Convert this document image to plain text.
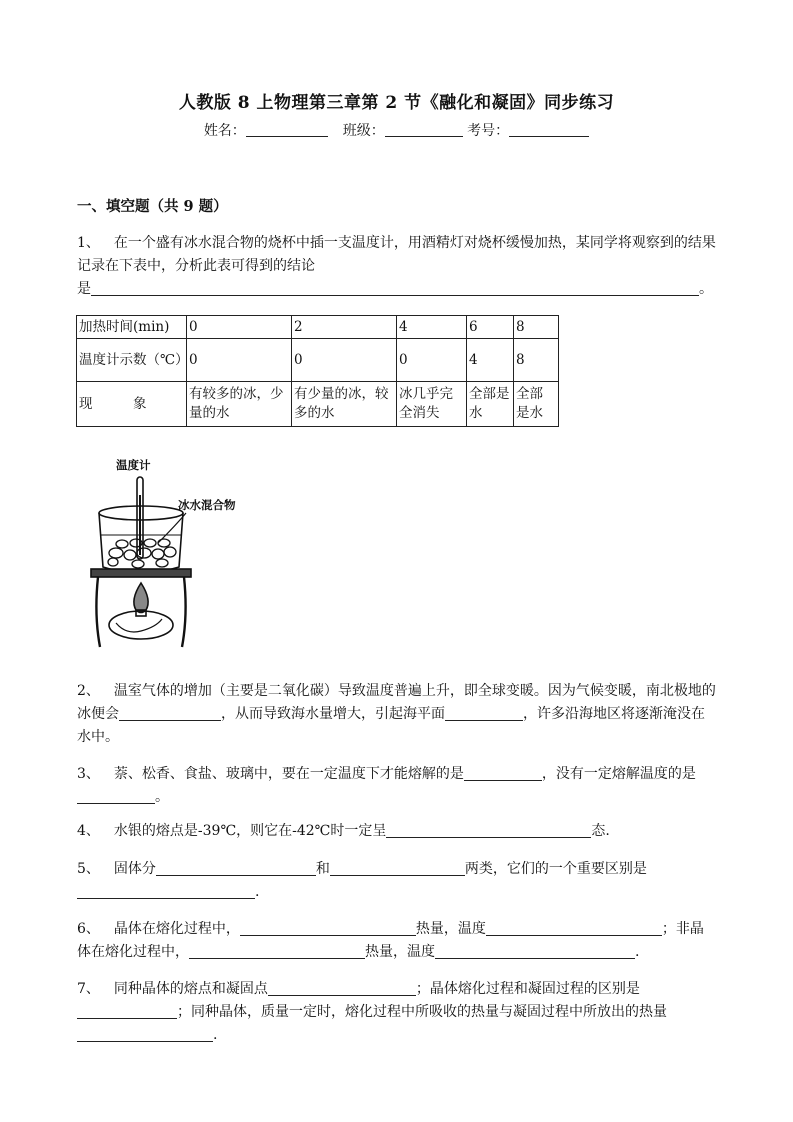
人教版 8 上物理第三章第 2 节《融化和凝固》同步练习
姓名：	班级：	考号：
一、填空题（共 9 题）
1、 在一个盛有冰水混合物的烧杯中插一支温度计，用酒精灯对烧杯缓慢加热，某同学将观察到的结果记录在下表中，分析此表可得到的结论
是	。
加热时间(min)	0	2	4	6	8
温度计示数（℃）	0	0	0	4	8
现　　　象	有较多的冰，少量的水	有少量的冰，较多的水	冰几乎完全消失	全部是水	全部是水
温度计
冰水混合物
2、 温室气体的增加（主要是二氧化碳）导致温度普遍上升，即全球变暖。因为气候变暖，南北极地的冰便会	，从而导致海水量增大，引起海平面	，许多沿海地区将逐渐淹没在水中。
3、 萘、松香、食盐、玻璃中，要在一定温度下才能熔解的是	，没有一定熔解温度的是。
4、 水银的熔点是-39℃，则它在-42℃时一定呈	态.
5、 固体分	和	两类，它们的一个重要区别是.
6、 晶体在熔化过程中，	热量，温度	；非晶体在熔化过程中，	热量，温度	.
7、 同种晶体的熔点和凝固点	；晶体熔化过程和凝固过程的区别是；同种晶体，质量一定时，熔化过程中所吸收的热量与凝固过程中所放出的热量.
